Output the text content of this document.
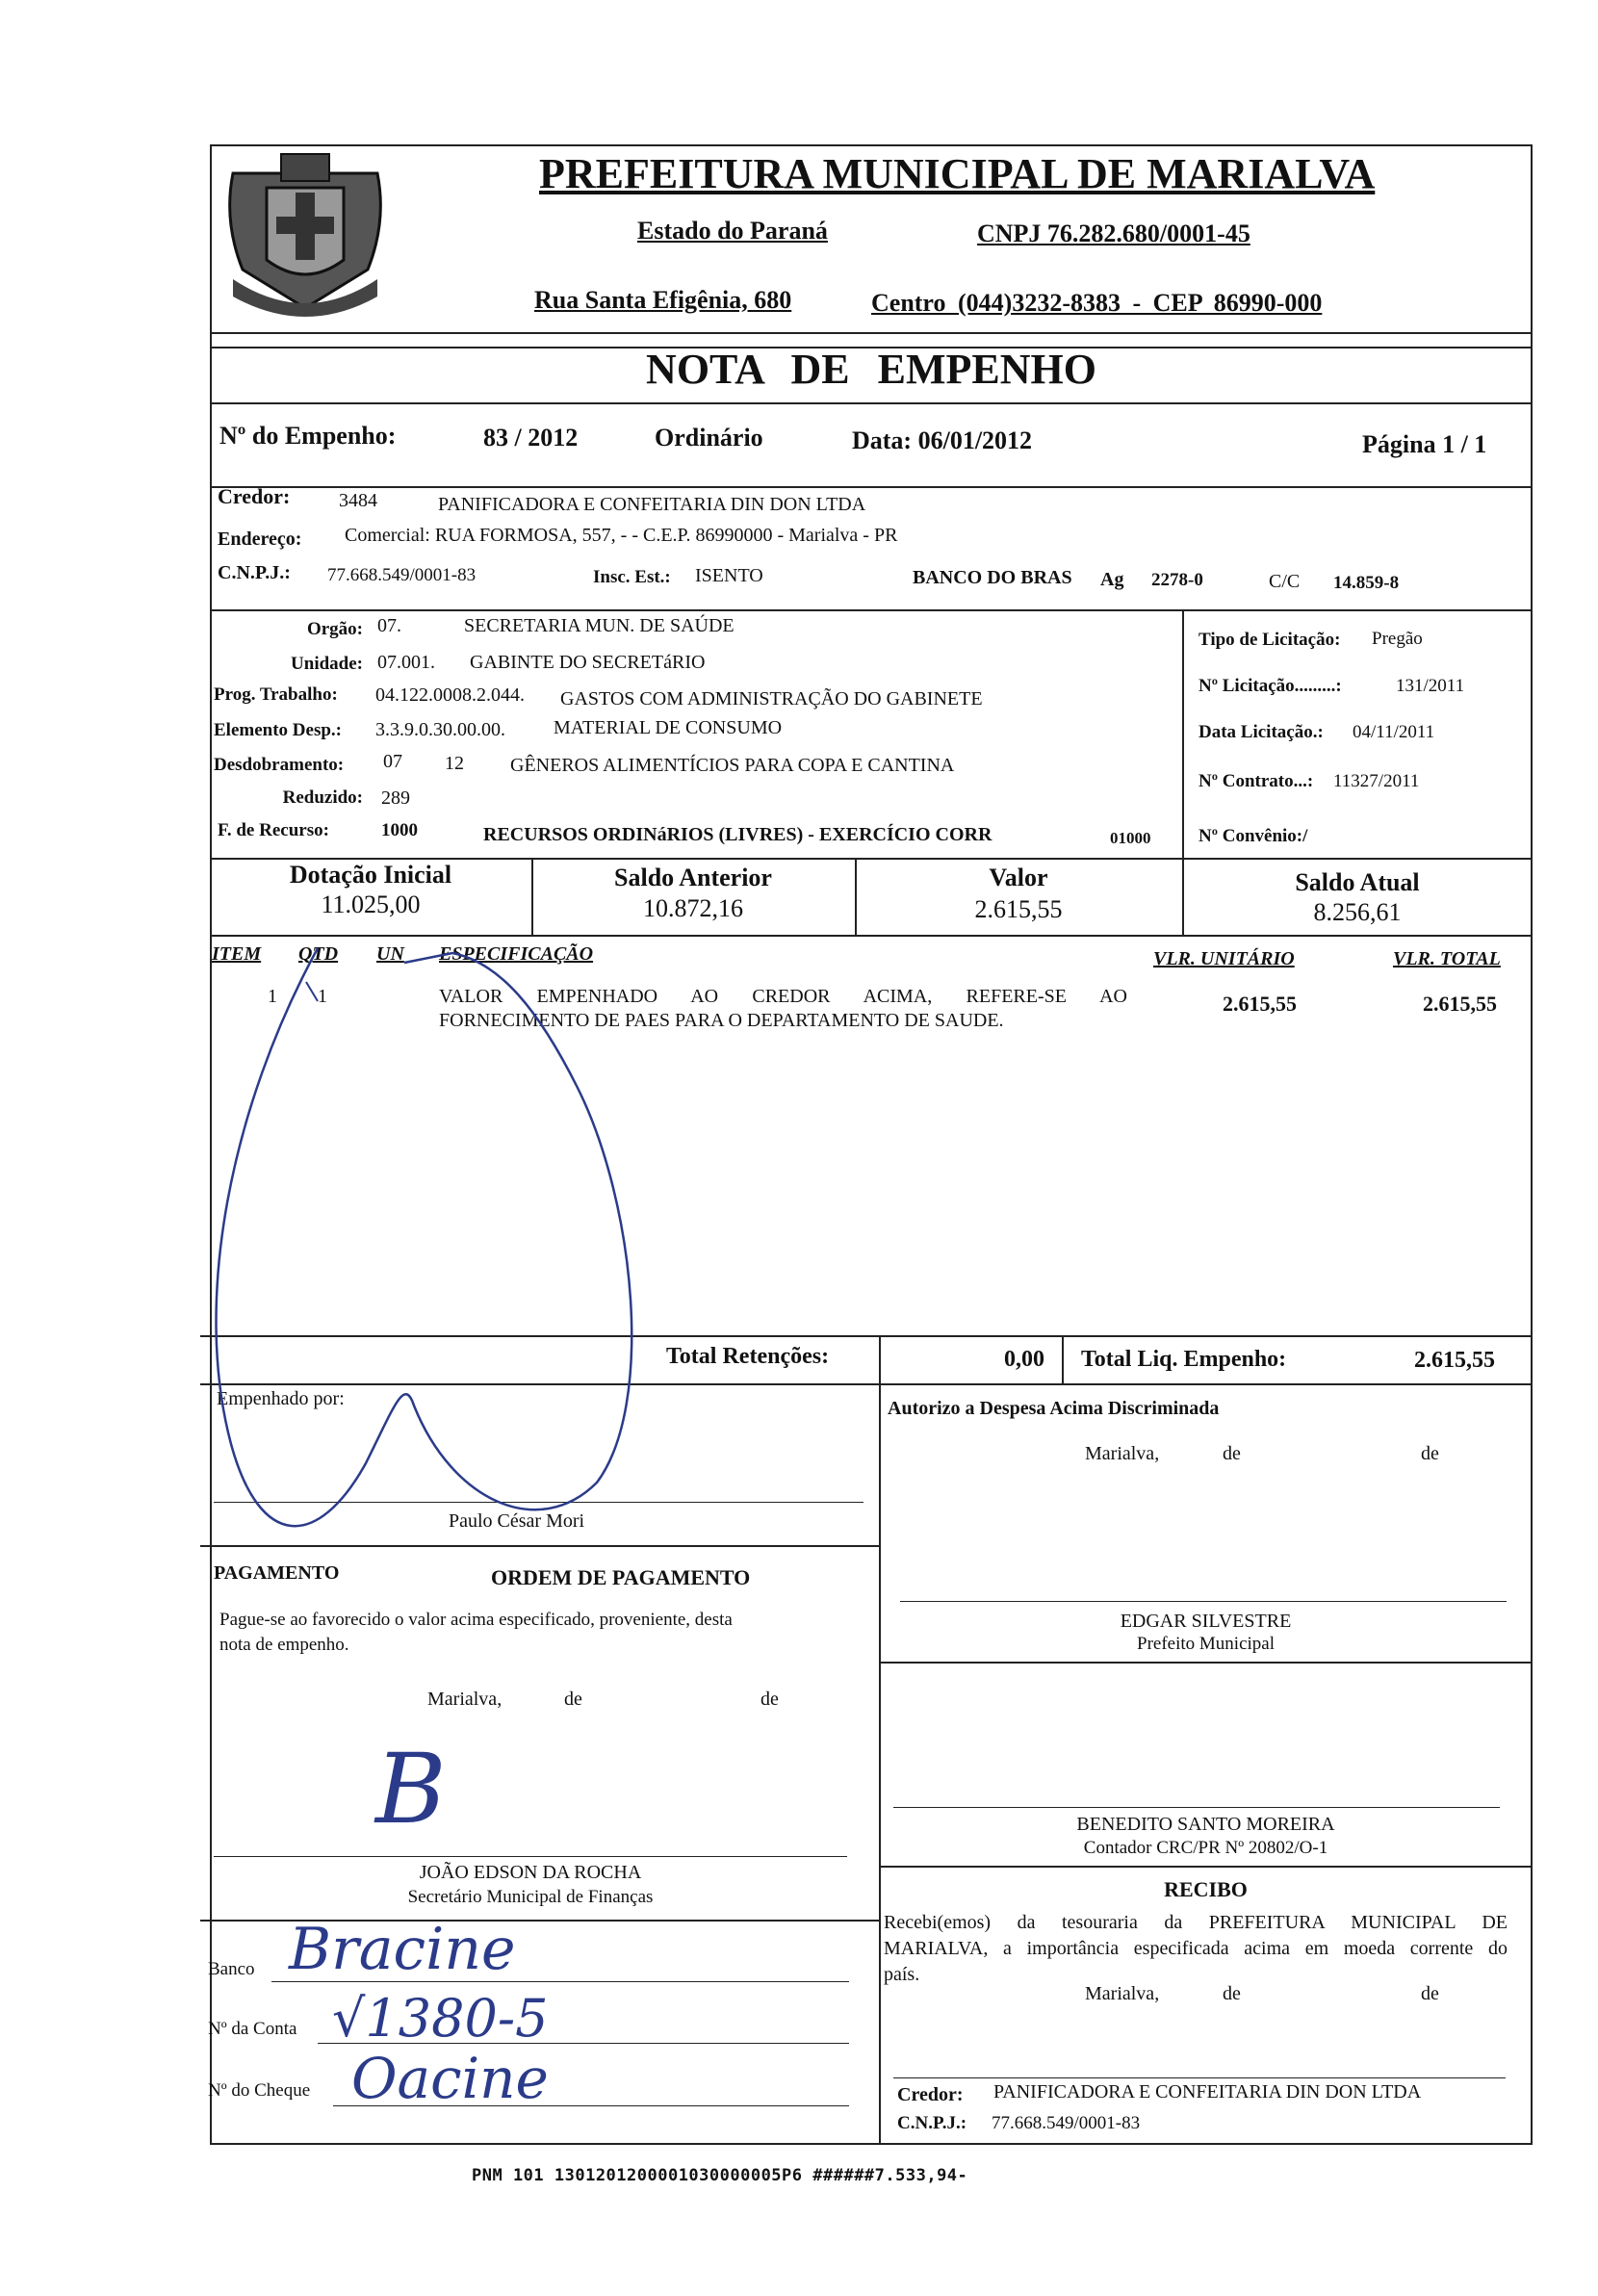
PREFEITURA MUNICIPAL DE MARIALVA
Estado do Paraná	CNPJ 76.282.680/0001-45
Rua Santa Efigênia, 680	Centro (044)3232-8383 - CEP 86990-000
NOTA DE EMPENHO
Nº do Empenho:	83 / 2012	Ordinário	Data: 06/01/2012	Página 1 / 1
Credor:	3484	PANIFICADORA E CONFEITARIA DIN DON LTDA
Endereço: Comercial: RUA FORMOSA, 557, - - C.E.P. 86990000 - Marialva - PR
C.N.P.J.: 77.668.549/0001-83	Insc. Est.: ISENTO	BANCO DO BRAS Ag 2278-0	C/C 14.859-8
Orgão: 07.	SECRETARIA MUN. DE SAÚDE
Unidade: 07.001. GABINTE DO SECRETáRIO
Prog. Trabalho: 04.122.0008.2.044. GASTOS COM ADMINISTRAÇÃO DO GABINETE
Elemento Desp.: 3.3.9.0.30.00.00.	MATERIAL DE CONSUMO
Desdobramento: 07 12 GÊNEROS ALIMENTÍCIOS PARA COPA E CANTINA
Reduzido: 289
F. de Recurso:	1000	RECURSOS ORDINáRIOS (LIVRES) - EXERCÍCIO CORR	01000
Tipo de Licitação: Pregão
Nº Licitação.........:	131/2011
Data Licitação.: 04/11/2011
Nº Contrato...: 11327/2011
Nº Convênio:/
Dotação Inicial
11.025,00
Saldo Anterior
10.872,16
Valor
2.615,55
Saldo Atual
8.256,61
ITEM QTD UN ESPECIFICAÇÃO	VLR. UNITÁRIO	VLR. TOTAL
1 1	VALOR EMPENHADO AO CREDOR ACIMA, REFERE-SE AO
FORNECIMENTO DE PAES PARA O DEPARTAMENTO DE SAUDE.
2.615,55	2.615,55
Total Retenções:	0,00 Total Liq. Empenho:	2.615,55
Empenhado por:
Paulo César Mori
PAGAMENTO	ORDEM DE PAGAMENTO
Pague-se ao favorecido o valor acima especificado, proveniente, desta
nota de empenho.
Marialva,	de	de
B
JOÃO EDSON DA ROCHA
Secretário Municipal de Finanças
Banco Bracine
Nº da Conta √1380-5
Nº do Cheque Oacine
Autorizo a Despesa Acima Discriminada
Marialva,	de	de
EDGAR SILVESTRE
Prefeito Municipal
BENEDITO SANTO MOREIRA
Contador CRC/PR Nº 20802/O-1
RECIBO
Recebi(emos) da tesouraria da PREFEITURA MUNICIPAL DE
MARIALVA, a importância especificada acima em moeda corrente do
país.
Marialva,	de	de
Credor: PANIFICADORA E CONFEITARIA DIN DON LTDA
C.N.P.J.: 77.668.549/0001-83
PNM 101 1301201200001030000005P6 ######7.533,94-
